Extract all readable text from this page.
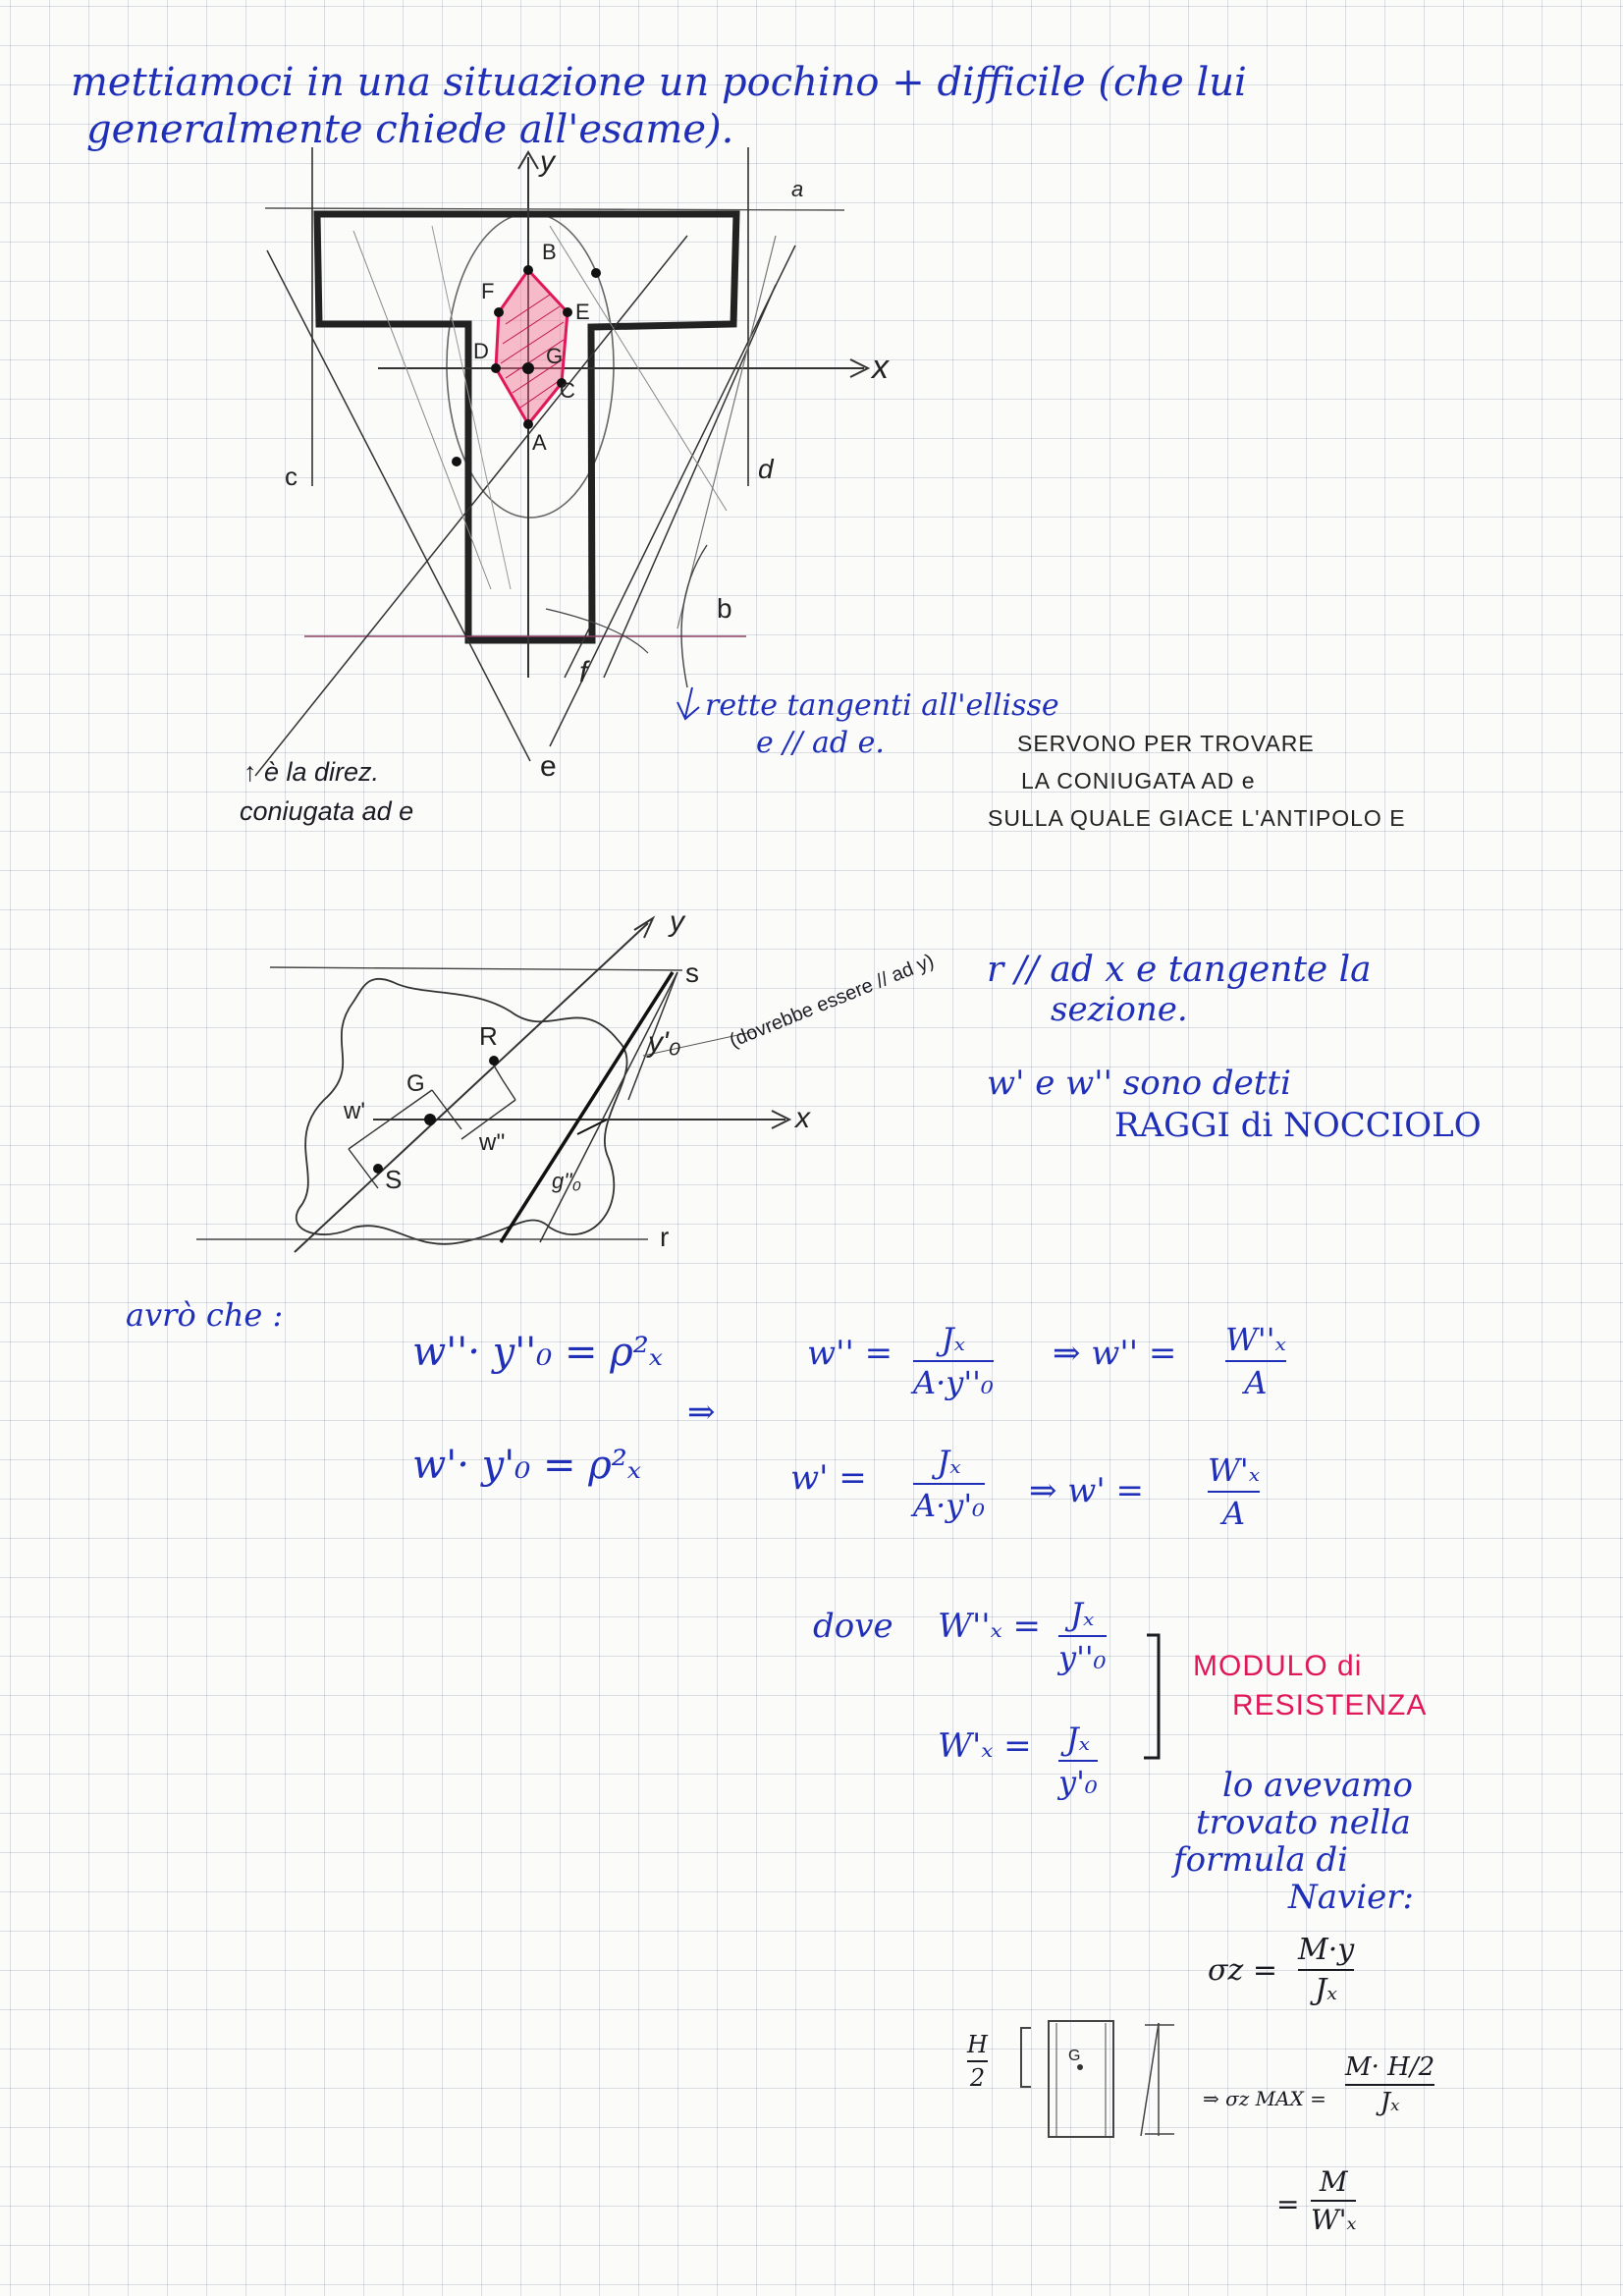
mettiamoci in una situazione un pochino + difficile (che lui
generalmente chiede all'esame).
a
y
x
c	d
b
f
e
B
F
E
D	G
C
A
rette tangenti all'ellisse
e // ad e.	SERVONO PER TROVARE
LA CONIUGATA AD e
SULLA QUALE GIACE L'ANTIPOLO E
↑ è la direz.
coniugata ad e
y
s
x
r
R
G
S
w'
w''
y'₀
g''₀
(dovrebbe essere // ad y) r // ad x e tangente la
sezione.
w' e w'' sono detti
RAGGI di NOCCIOLO
avrò che :
w''· y''₀ = ρ²ₓ
w'· y'₀ = ρ²ₓ
⇒
w'' = Jₓ
A·y''₀
⇒ w'' = W''ₓ
A
w' = Jₓ
A·y'₀ ⇒ w' =
W'ₓ
A
dove W''ₓ = Jₓ
y''₀
W'ₓ = Jₓ
y'₀
MODULO di
RESISTENZA
lo avevamo
trovato nella
formula di
Navier:
σz =
M·y
Jₓ
H
2
G
⇒ σz MAX =
M· H/2
Jₓ
=
M
W'ₓ
